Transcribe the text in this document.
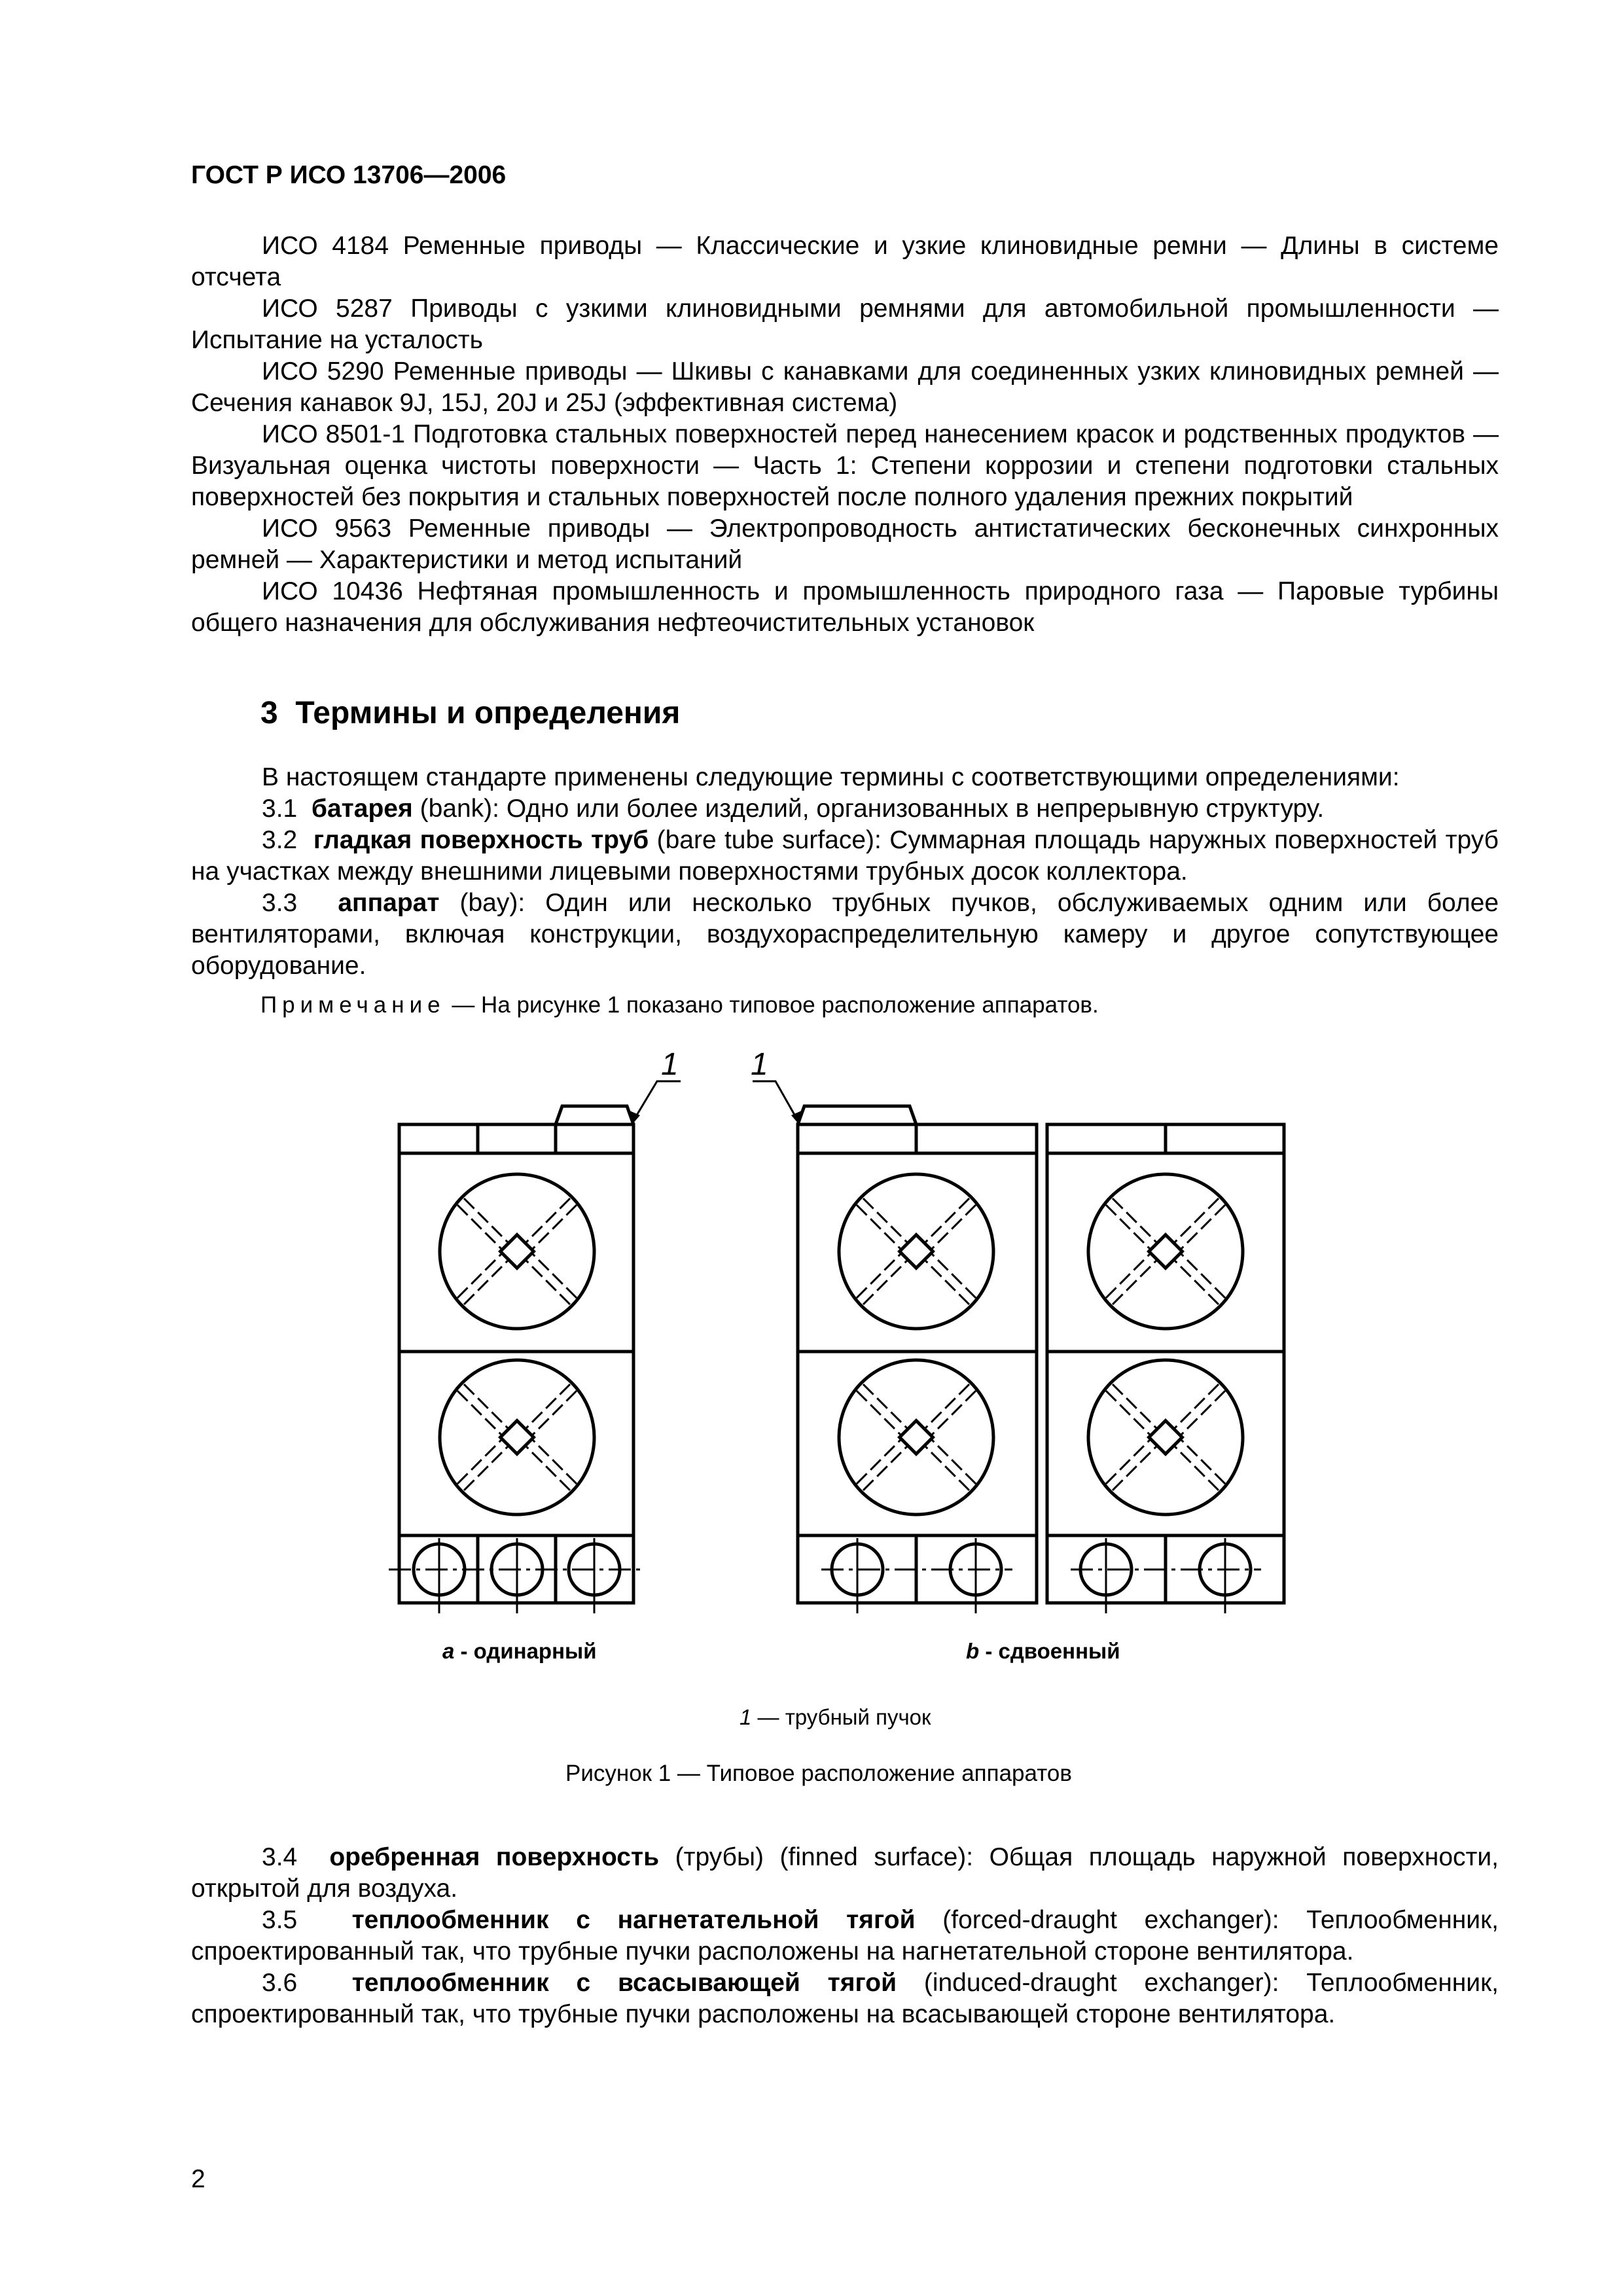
ГОСТ Р ИСО 13706—2006

ИСО 4184 Ременные приводы — Классические и узкие клиновидные ремни — Длины в системе отсчета

ИСО 5287 Приводы с узкими клиновидными ремнями для автомобильной промышленности — Испытание на усталость

ИСО 5290 Ременные приводы — Шкивы с канавками для соединенных узких клиновидных ремней — Сечения канавок 9J, 15J, 20J и 25J (эффективная система)

ИСО 8501-1 Подготовка стальных поверхностей перед нанесением красок и родственных продуктов — Визуальная оценка чистоты поверхности — Часть 1: Степени коррозии и степени подготовки стальных поверхностей без покрытия и стальных поверхностей после полного удаления прежних покрытий

ИСО 9563 Ременные приводы — Электропроводность антистатических бесконечных синхронных ремней — Характеристики и метод испытаний

ИСО 10436 Нефтяная промышленность и промышленность природного газа — Паровые турбины общего назначения для обслуживания нефтеочистительных установок

3 Термины и определения

В настоящем стандарте применены следующие термины с соответствующими определениями:

3.1 батарея (bank): Одно или более изделий, организованных в непрерывную структуру.

3.2 гладкая поверхность труб (bare tube surface): Суммарная площадь наружных поверхностей труб на участках между внешними лицевыми поверхностями трубных досок коллектора.

3.3 аппарат (bay): Один или несколько трубных пучков, обслуживаемых одним или более вентиляторами, включая конструкции, воздухораспределительную камеру и другое сопутствующее оборудование.

Примечание — На рисунке 1 показано типовое расположение аппаратов.
1 1
a - одинарный	b - сдвоенный
1 — трубный пучок
Рисунок 1 — Типовое расположение аппаратов

3.4 оребренная поверхность (трубы) (finned surface): Общая площадь наружной поверхности, открытой для воздуха.

3.5 теплообменник с нагнетательной тягой (forced-draught exchanger): Теплообменник, спроектированный так, что трубные пучки расположены на нагнетательной стороне вентилятора.

3.6 теплообменник с всасывающей тягой (induced-draught exchanger): Теплообменник, спроектированный так, что трубные пучки расположены на всасывающей стороне вентилятора.

2
